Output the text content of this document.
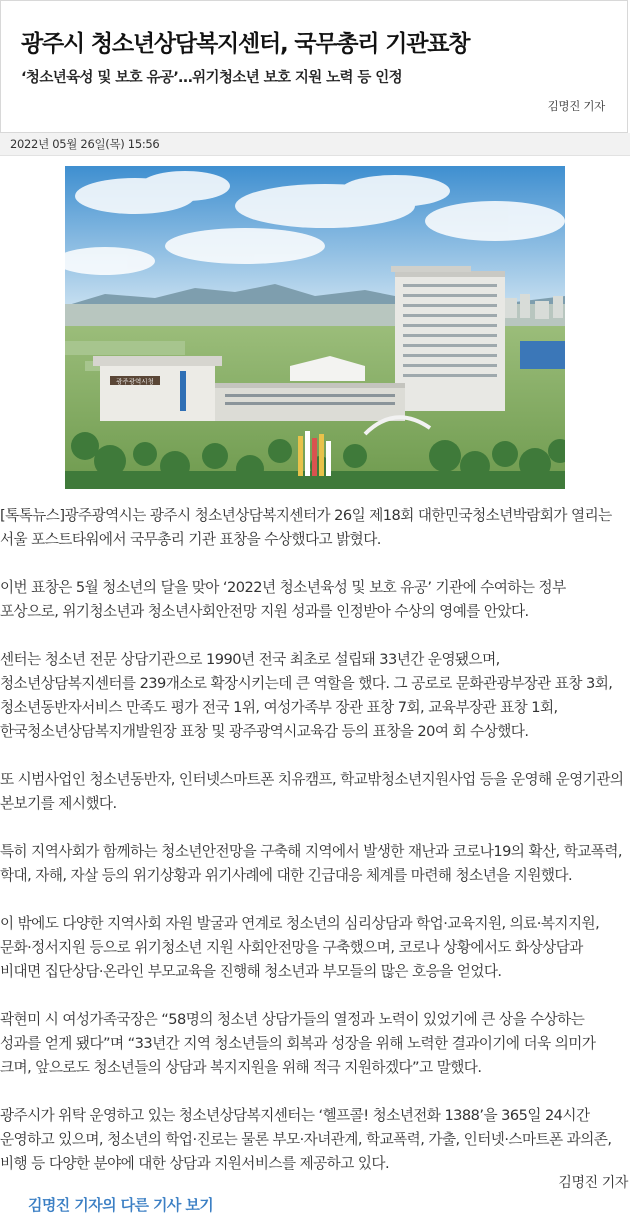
광주시 청소년상담복지센터, 국무총리 기관표창

‘청소년육성 및 보호 유공’…위기청소년 보호 지원 노력 등 인정

김명진 기자
2022년 05월 26일(목) 15:56
광주광역시청

[톡톡뉴스]광주광역시는 광주시 청소년상담복지센터가 26일 제18회 대한민국청소년박람회가 열리는 서울 포스트타워에서 국무총리 기관 표창을 수상했다고 밝혔다.

이번 표창은 5월 청소년의 달을 맞아 ‘2022년 청소년육성 및 보호 유공’ 기관에 수여하는 정부 포상으로, 위기청소년과 청소년사회안전망 지원 성과를 인정받아 수상의 영예를 안았다.

센터는 청소년 전문 상담기관으로 1990년 전국 최초로 설립돼 33년간 운영됐으며, 청소년상담복지센터를 239개소로 확장시키는데 큰 역할을 했다. 그 공로로 문화관광부장관 표창 3회, 청소년동반자서비스 만족도 평가 전국 1위, 여성가족부 장관 표창 7회, 교육부장관 표창 1회, 한국청소년상담복지개발원장 표창 및 광주광역시교육감 등의 표창을 20여 회 수상했다.

또 시범사업인 청소년동반자, 인터넷스마트폰 치유캠프, 학교밖청소년지원사업 등을 운영해 운영기관의 본보기를 제시했다.

특히 지역사회가 함께하는 청소년안전망을 구축해 지역에서 발생한 재난과 코로나19의 확산, 학교폭력, 학대, 자해, 자살 등의 위기상황과 위기사례에 대한 긴급대응 체계를 마련해 청소년을 지원했다.

이 밖에도 다양한 지역사회 자원 발굴과 연계로 청소년의 심리상담과 학업·교육지원, 의료·복지지원, 문화·정서지원 등으로 위기청소년 지원 사회안전망을 구축했으며, 코로나 상황에서도 화상상담과 비대면 집단상담·온라인 부모교육을 진행해 청소년과 부모들의 많은 호응을 얻었다.

곽현미 시 여성가족국장은 “58명의 청소년 상담가들의 열정과 노력이 있었기에 큰 상을 수상하는 성과를 얻게 됐다”며 “33년간 지역 청소년들의 회복과 성장을 위해 노력한 결과이기에 더욱 의미가 크며, 앞으로도 청소년들의 상담과 복지지원을 위해 적극 지원하겠다”고 말했다.

광주시가 위탁 운영하고 있는 청소년상담복지센터는 ‘헬프콜! 청소년전화 1388’을 365일 24시간 운영하고 있으며, 청소년의 학업·진로는 물론 부모·자녀관계, 학교폭력, 가출, 인터넷·스마트폰 과의존, 비행 등 다양한 분야에 대한 상담과 지원서비스를 제공하고 있다.

김명진 기자
김명진 기자의 다른 기사 보기
